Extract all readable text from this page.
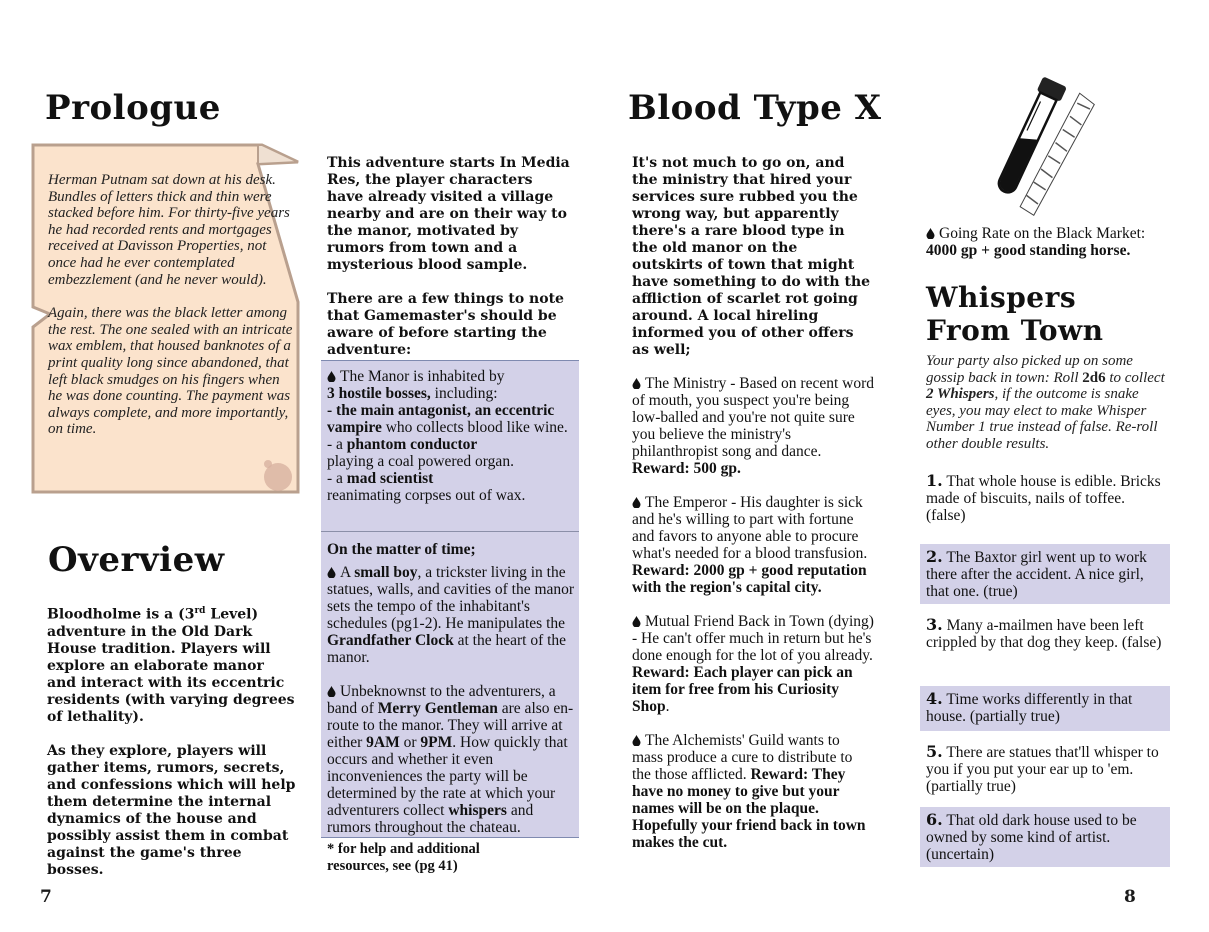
Prologue

Herman Putnam sat down at his desk. Bundles of letters thick and thin were stacked before him. For thirty-five years he had recorded rents and mortgages received at Davisson Properties, not once had he ever contemplated embezzlement (and he never would).

Again, there was the black letter among the rest. The one sealed with an intricate wax emblem, that housed banknotes of a print quality long since abandoned, that left black smudges on his fingers when he was done counting. The payment was always complete, and more importantly, on time.

Overview

Bloodholme is a (3rd Level) adventure in the Old Dark House tradition. Players will explore an elaborate manor and interact with its eccentric residents (with varying degrees of lethality).

As they explore, players will gather items, rumors, secrets, and confessions which will help them determine the internal dynamics of the house and possibly assist them in combat against the game's three bosses.

This adventure starts In Media Res, the player characters have already visited a village nearby and are on their way to the manor, motivated by rumors from town and a mysterious blood sample.

There are a few things to note that Gamemaster's should be aware of before starting the adventure:

The Manor is inhabited by
3 hostile bosses, including:

- the main antagonist, an eccentric vampire who collects blood like wine.

- a phantom conductor
playing a coal powered organ.

- a mad scientist
reanimating corpses out of wax.

On the matter of time;

A small boy, a trickster living in the statues, walls, and cavities of the manor sets the tempo of the inhabitant's schedules (pg1-2). He manipulates the Grandfather Clock at the heart of the manor.

Unbeknownst to the adventurers, a band of Merry Gentleman are also en-route to the manor. They will arrive at either 9AM or 9PM. How quickly that occurs and whether it even inconveniences the party will be determined by the rate at which your adventurers collect whispers and rumors throughout the chateau.

* for help and additional resources, see (pg 41)
7
Blood Type X
It's not much to go on, and the ministry that hired your services sure rubbed you the wrong way, but apparently there's a rare blood type in the old manor on the outskirts of town that might have something to do with the affliction of scarlet rot going around. A local hireling informed you of other offers as well;

The Ministry - Based on recent word of mouth, you suspect you're being low-balled and you're not quite sure you believe the ministry's philanthropist song and dance. Reward: 500 gp.

The Emperor - His daughter is sick and he's willing to part with fortune and favors to anyone able to procure what's needed for a blood transfusion. Reward: 2000 gp + good reputation with the region's capital city.

Mutual Friend Back in Town (dying) - He can't offer much in return but he's done enough for the lot of you already. Reward: Each player can pick an item for free from his Curiosity Shop.

The Alchemists' Guild wants to mass produce a cure to distribute to the those afflicted. Reward: They have no money to give but your names will be on the plaque. Hopefully your friend back in town makes the cut.

Going Rate on the Black Market: 4000 gp + good standing horse.
Whispers
From Town
Your party also picked up on some gossip back in town: Roll 2d6 to collect 2 Whispers, if the outcome is snake eyes, you may elect to make Whisper Number 1 true instead of false. Re-roll other double results.
1. That whole house is edible. Bricks made of biscuits, nails of toffee. (false)
2. The Baxtor girl went up to work there after the accident. A nice girl, that one. (true)
3. Many a-mailmen have been left crippled by that dog they keep. (false)
4. Time works differently in that house. (partially true)
5. There are statues that'll whisper to you if you put your ear up to 'em. (partially true)
6. That old dark house used to be owned by some kind of artist. (uncertain)
8
